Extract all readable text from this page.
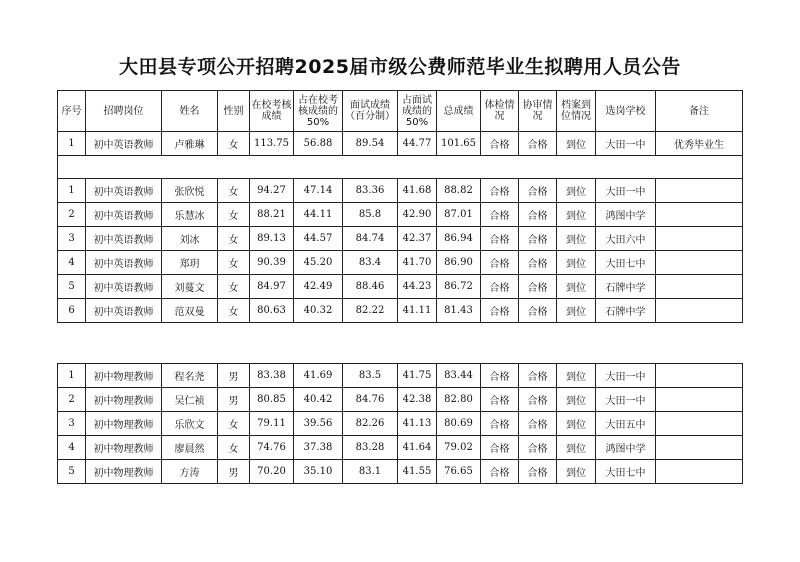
大田县专项公开招聘2025届市级公费师范毕业生拟聘用人员公告
序号	招聘岗位	姓名	性别	在校考核成绩	占在校考核成绩的50%	面试成绩（百分制）	占面试成绩的50%	总成绩	体检情况	协审情况	档案到位情况	选岗学校	备注
1	初中英语教师	卢雅琳	女	113.75	56.88	89.54	44.77	101.65	合格	合格	到位	大田一中	优秀毕业生

1	初中英语教师	张欣悦	女	94.27	47.14	83.36	41.68	88.82	合格	合格	到位	大田一中	
2	初中英语教师	乐慧冰	女	88.21	44.11	85.8	42.90	87.01	合格	合格	到位	鸿图中学	
3	初中英语教师	刘冰	女	89.13	44.57	84.74	42.37	86.94	合格	合格	到位	大田六中	
4	初中英语教师	郑玥	女	90.39	45.20	83.4	41.70	86.90	合格	合格	到位	大田七中	
5	初中英语教师	刘蔓文	女	84.97	42.49	88.46	44.23	86.72	合格	合格	到位	石牌中学	
6	初中英语教师	范双曼	女	80.63	40.32	82.22	41.11	81.43	合格	合格	到位	石牌中学	
1	初中物理教师	程名尧	男	83.38	41.69	83.5	41.75	83.44	合格	合格	到位	大田一中	
2	初中物理教师	吴仁祯	男	80.85	40.42	84.76	42.38	82.80	合格	合格	到位	大田一中	
3	初中物理教师	乐欣文	女	79.11	39.56	82.26	41.13	80.69	合格	合格	到位	大田五中	
4	初中物理教师	廖晨然	女	74.76	37.38	83.28	41.64	79.02	合格	合格	到位	鸿图中学	
5	初中物理教师	方涛	男	70.20	35.10	83.1	41.55	76.65	合格	合格	到位	大田七中	
